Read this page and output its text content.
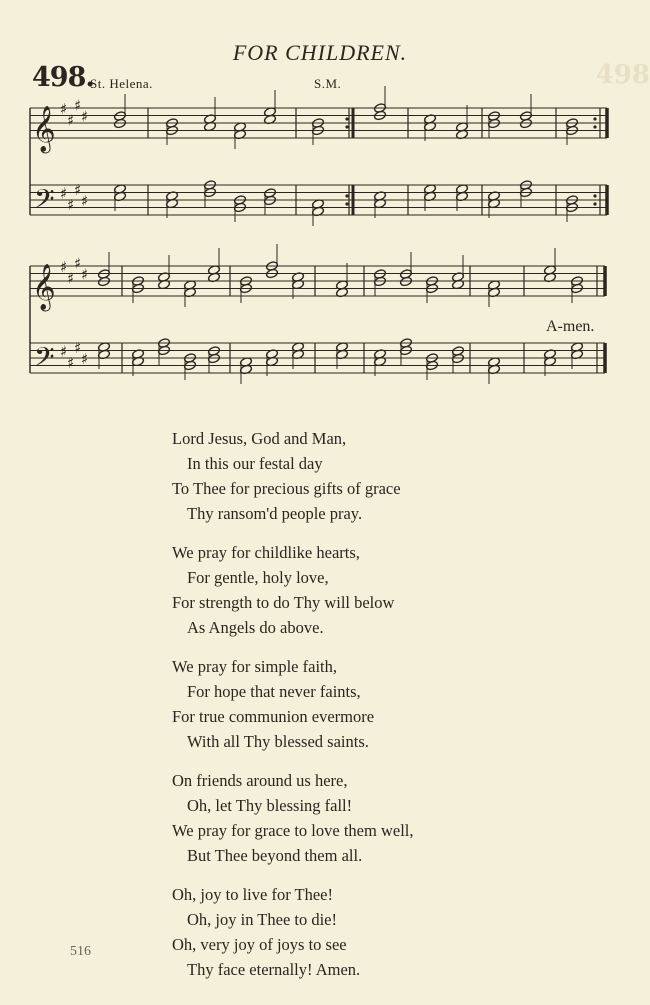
498
FOR CHILDREN.
498.
St. Helena.	S.M.
𝄞
𝄢
♯
♯
♯
♯
♯
♯
♯
♯
𝄞
𝄢
♯
♯
♯
♯
♯
♯
♯
♯
A-men.
Lord Jesus, God and Man,
In this our festal day
To Thee for precious gifts of grace
Thy ransom'd people pray.
We pray for childlike hearts,
For gentle, holy love,
For strength to do Thy will below
As Angels do above.
We pray for simple faith,
For hope that never faints,
For true communion evermore
With all Thy blessed saints.
On friends around us here,
Oh, let Thy blessing fall!
We pray for grace to love them well,
But Thee beyond them all.
Oh, joy to live for Thee!
Oh, joy in Thee to die!
Oh, very joy of joys to see
Thy face eternally! Amen.
516
